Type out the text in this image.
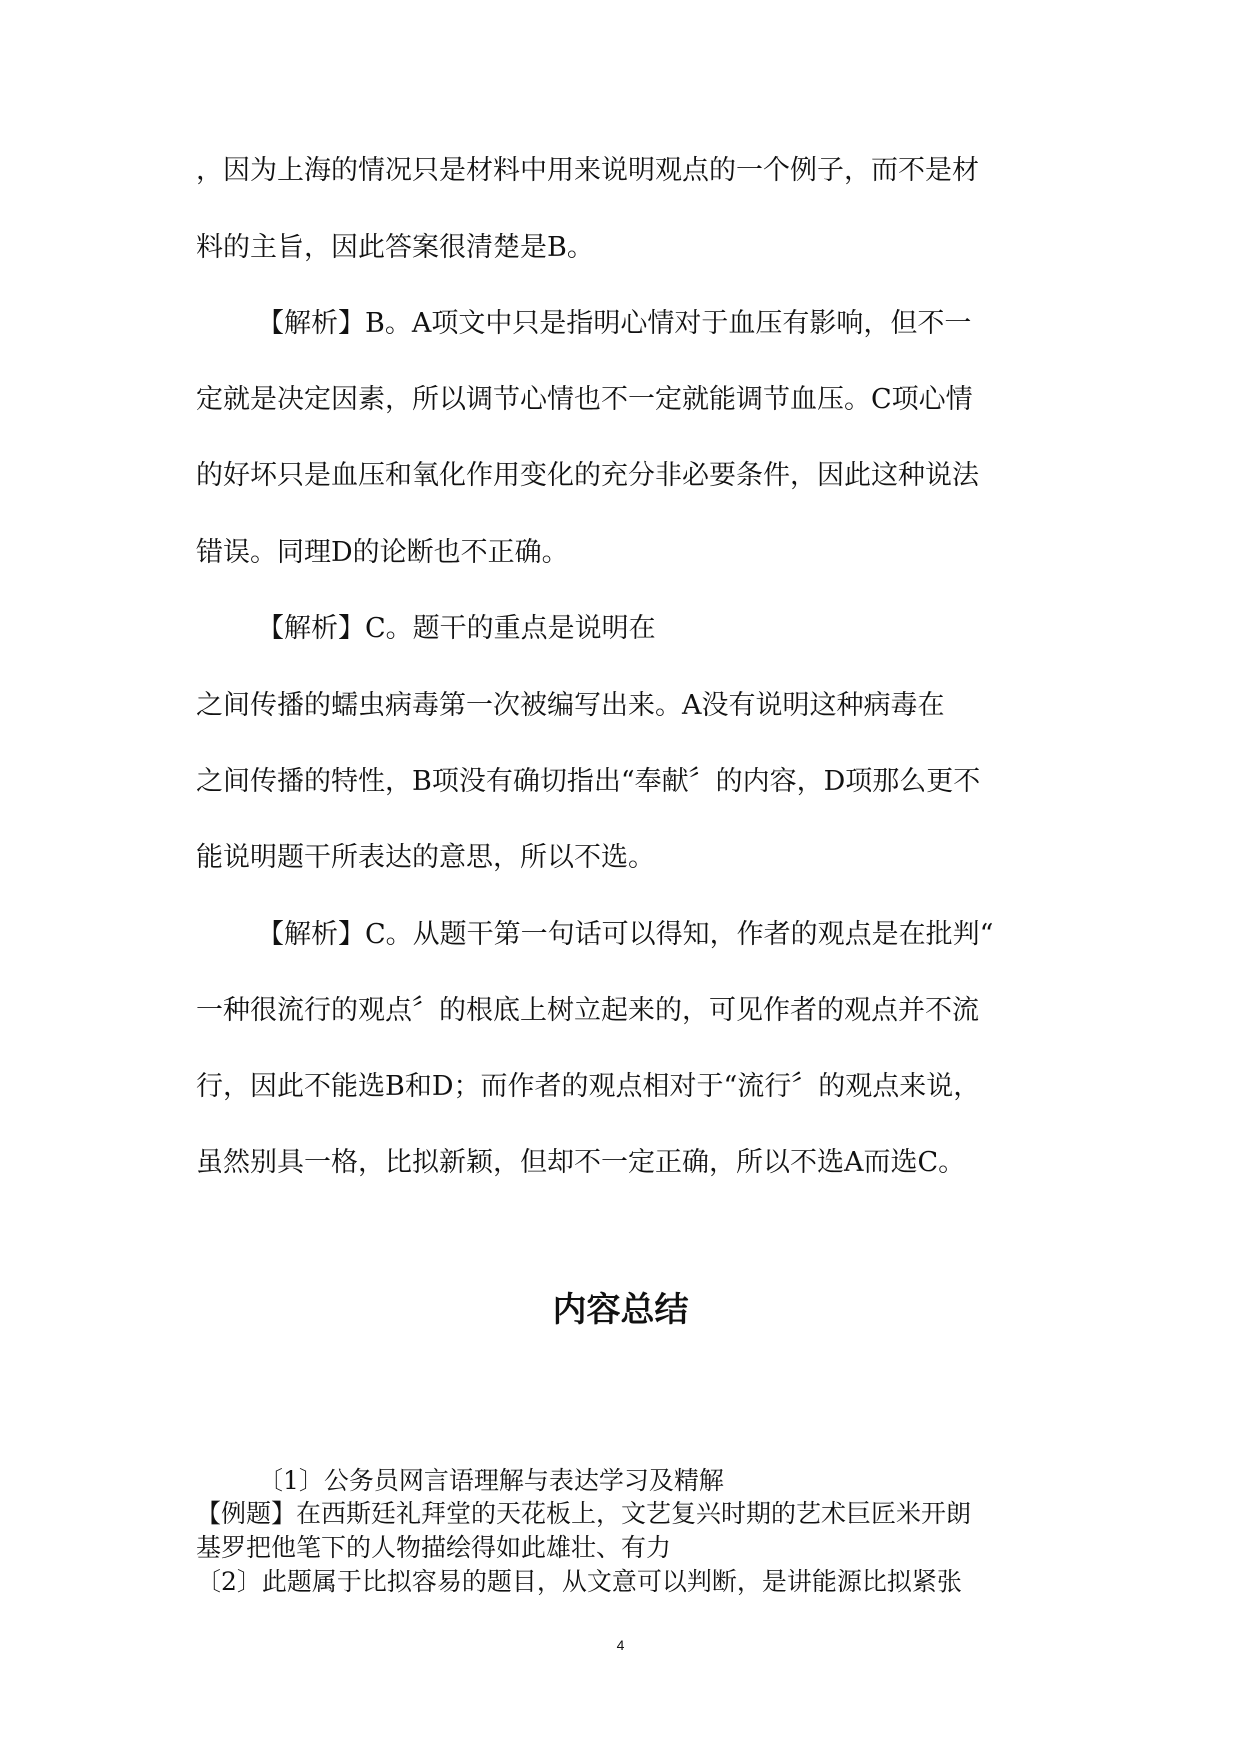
，因为上海的情况只是材料中用来说明观点的一个例子，而不是材
料的主旨，因此答案很清楚是B。
【解析】B。A项文中只是指明心情对于血压有影响，但不一
定就是决定因素，所以调节心情也不一定就能调节血压。C项心情
的好坏只是血压和氧化作用变化的充分非必要条件，因此这种说法
错误。同理D的论断也不正确。
【解析】C。题干的重点是说明在
之间传播的蠕虫病毒第一次被编写出来。A没有说明这种病毒在
之间传播的特性，B项没有确切指出“奉献〞的内容，D项那么更不
能说明题干所表达的意思，所以不选。
【解析】C。从题干第一句话可以得知，作者的观点是在批判“
一种很流行的观点〞的根底上树立起来的，可见作者的观点并不流
行，因此不能选B和D；而作者的观点相对于“流行〞的观点来说，
虽然别具一格，比拟新颖，但却不一定正确，所以不选A而选C。
内容总结
〔1〕公务员网言语理解与表达学习及精解
【例题】在西斯廷礼拜堂的天花板上，文艺复兴时期的艺术巨匠米开朗
基罗把他笔下的人物描绘得如此雄壮、有力
〔2〕此题属于比拟容易的题目，从文意可以判断，是讲能源比拟紧张
4
